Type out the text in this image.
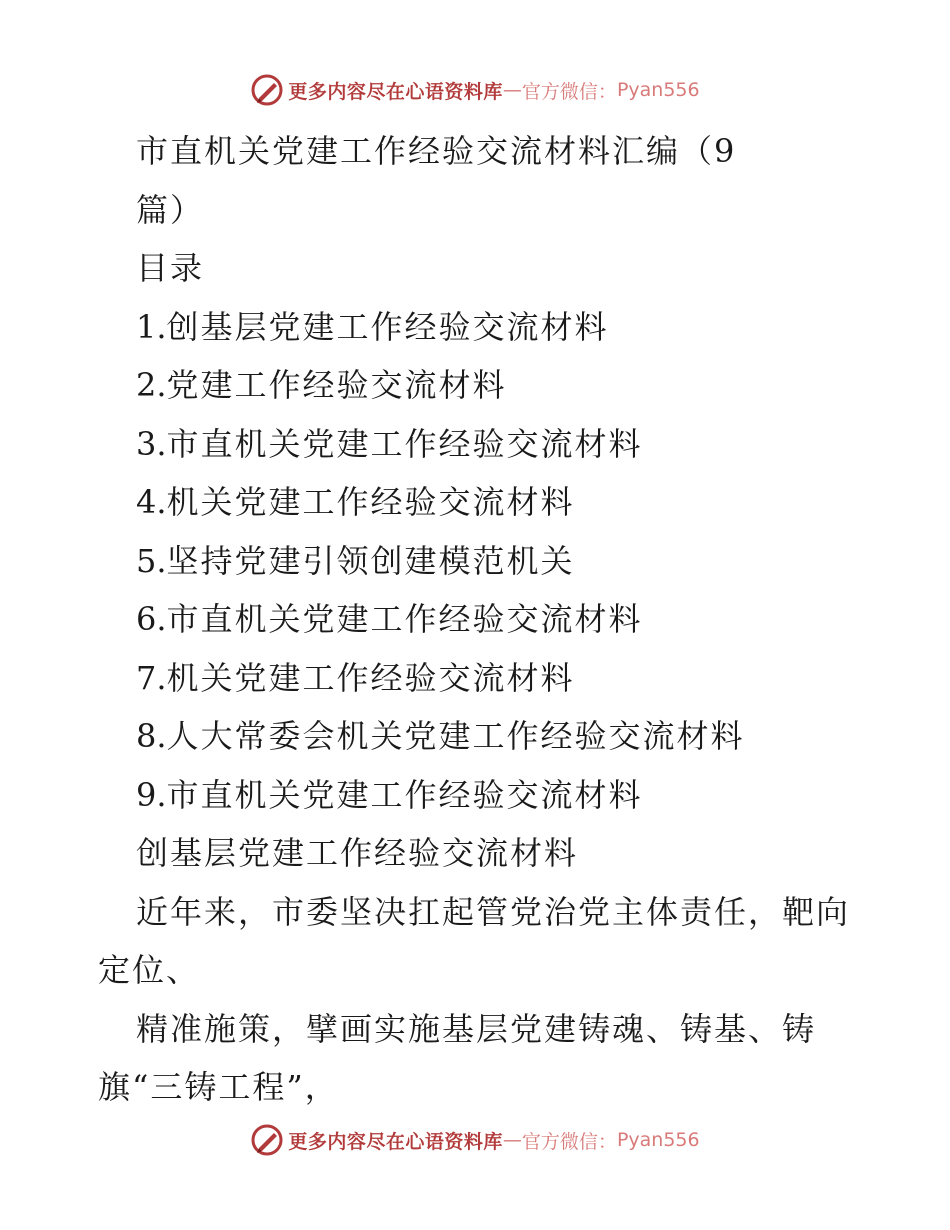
更多内容尽在心语资料库 — 官方微信： Pyan556
市直机关党建工作经验交流材料汇编（9
篇）
目录
1.创基层党建工作经验交流材料
2.党建工作经验交流材料
3.市直机关党建工作经验交流材料
4.机关党建工作经验交流材料
5.坚持党建引领创建模范机关
6.市直机关党建工作经验交流材料
7.机关党建工作经验交流材料
8.人大常委会机关党建工作经验交流材料
9.市直机关党建工作经验交流材料
创基层党建工作经验交流材料
近年来，市委坚决扛起管党治党主体责任，靶向
定位、
精准施策，擘画实施基层党建铸魂、铸基、铸
旗“三铸工程”，
更多内容尽在心语资料库 — 官方微信： Pyan556
